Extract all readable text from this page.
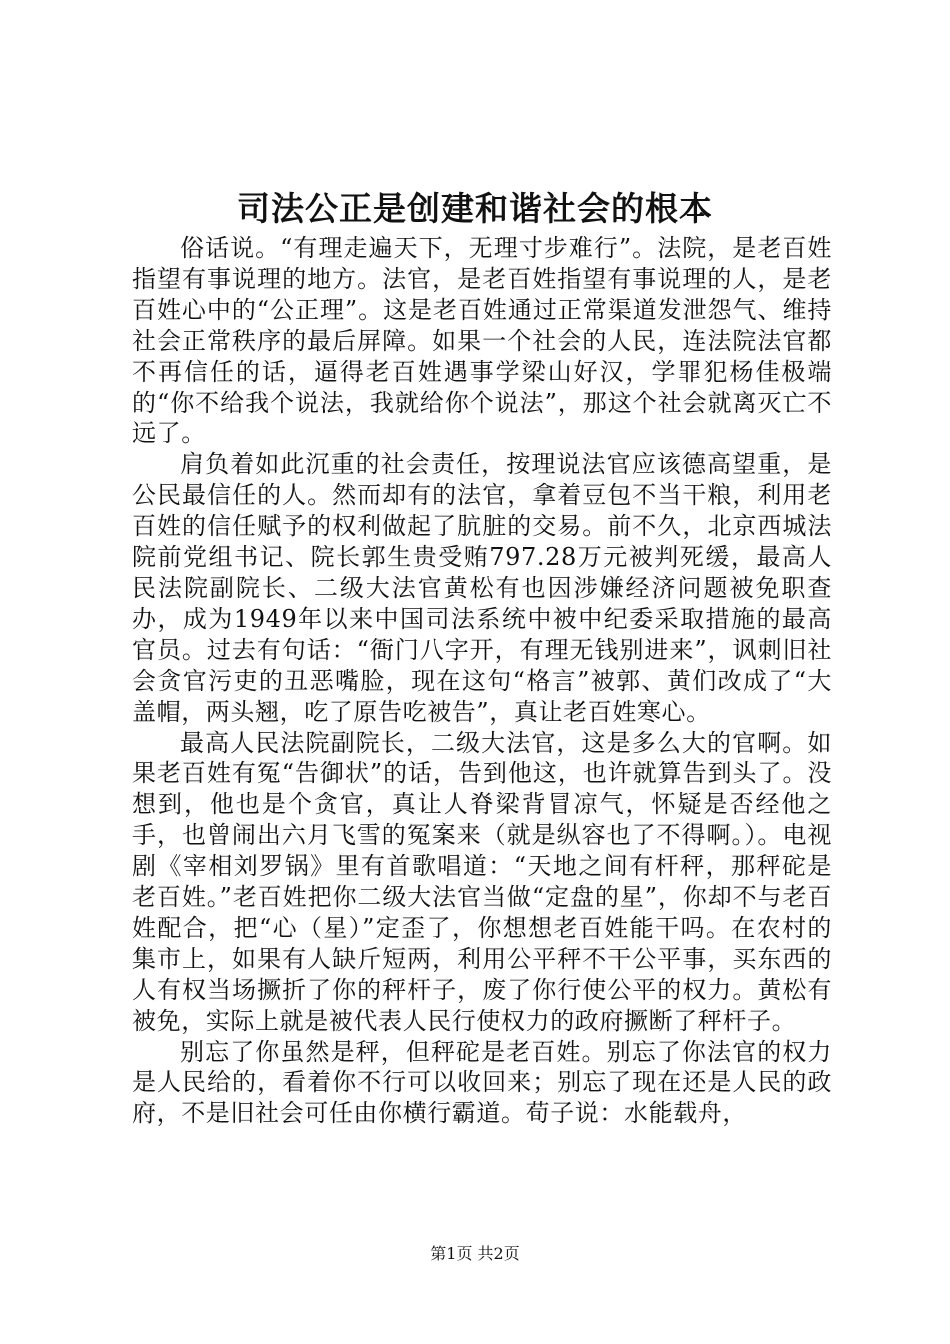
司法公正是创建和谐社会的根本

俗话说。“有理走遍天下，无理寸步难行”。法院，是老百姓指望有事说理的地方。法官，是老百姓指望有事说理的人，是老百姓心中的“公正理”。这是老百姓通过正常渠道发泄怨气、维持社会正常秩序的最后屏障。如果一个社会的人民，连法院法官都不再信任的话，逼得老百姓遇事学梁山好汉，学罪犯杨佳极端的“你不给我个说法，我就给你个说法”，那这个社会就离灭亡不远了。

肩负着如此沉重的社会责任，按理说法官应该德高望重，是公民最信任的人。然而却有的法官，拿着豆包不当干粮，利用老百姓的信任赋予的权利做起了肮脏的交易。前不久，北京西城法院前党组书记、院长郭生贵受贿797.28万元被判死缓，最高人民法院副院长、二级大法官黄松有也因涉嫌经济问题被免职查办，成为1949年以来中国司法系统中被中纪委采取措施的最高官员。过去有句话：“衙门八字开，有理无钱别进来”，讽刺旧社会贪官污吏的丑恶嘴脸，现在这句“格言”被郭、黄们改成了“大盖帽，两头翘，吃了原告吃被告”，真让老百姓寒心。

最高人民法院副院长，二级大法官，这是多么大的官啊。如果老百姓有冤“告御状”的话，告到他这，也许就算告到头了。没想到，他也是个贪官，真让人脊梁背冒凉气，怀疑是否经他之手，也曾闹出六月飞雪的冤案来（就是纵容也了不得啊。）。电视剧《宰相刘罗锅》里有首歌唱道：“天地之间有杆秤，那秤砣是老百姓。”老百姓把你二级大法官当做“定盘的星”，你却不与老百姓配合，把“心（星）”定歪了，你想想老百姓能干吗。在农村的集市上，如果有人缺斤短两，利用公平秤不干公平事，买东西的人有权当场撅折了你的秤杆子，废了你行使公平的权力。黄松有被免，实际上就是被代表人民行使权力的政府撅断了秤杆子。

别忘了你虽然是秤，但秤砣是老百姓。别忘了你法官的权力是人民给的，看着你不行可以收回来；别忘了现在还是人民的政府，不是旧社会可任由你横行霸道。荀子说：水能载舟，

第1页 共2页
